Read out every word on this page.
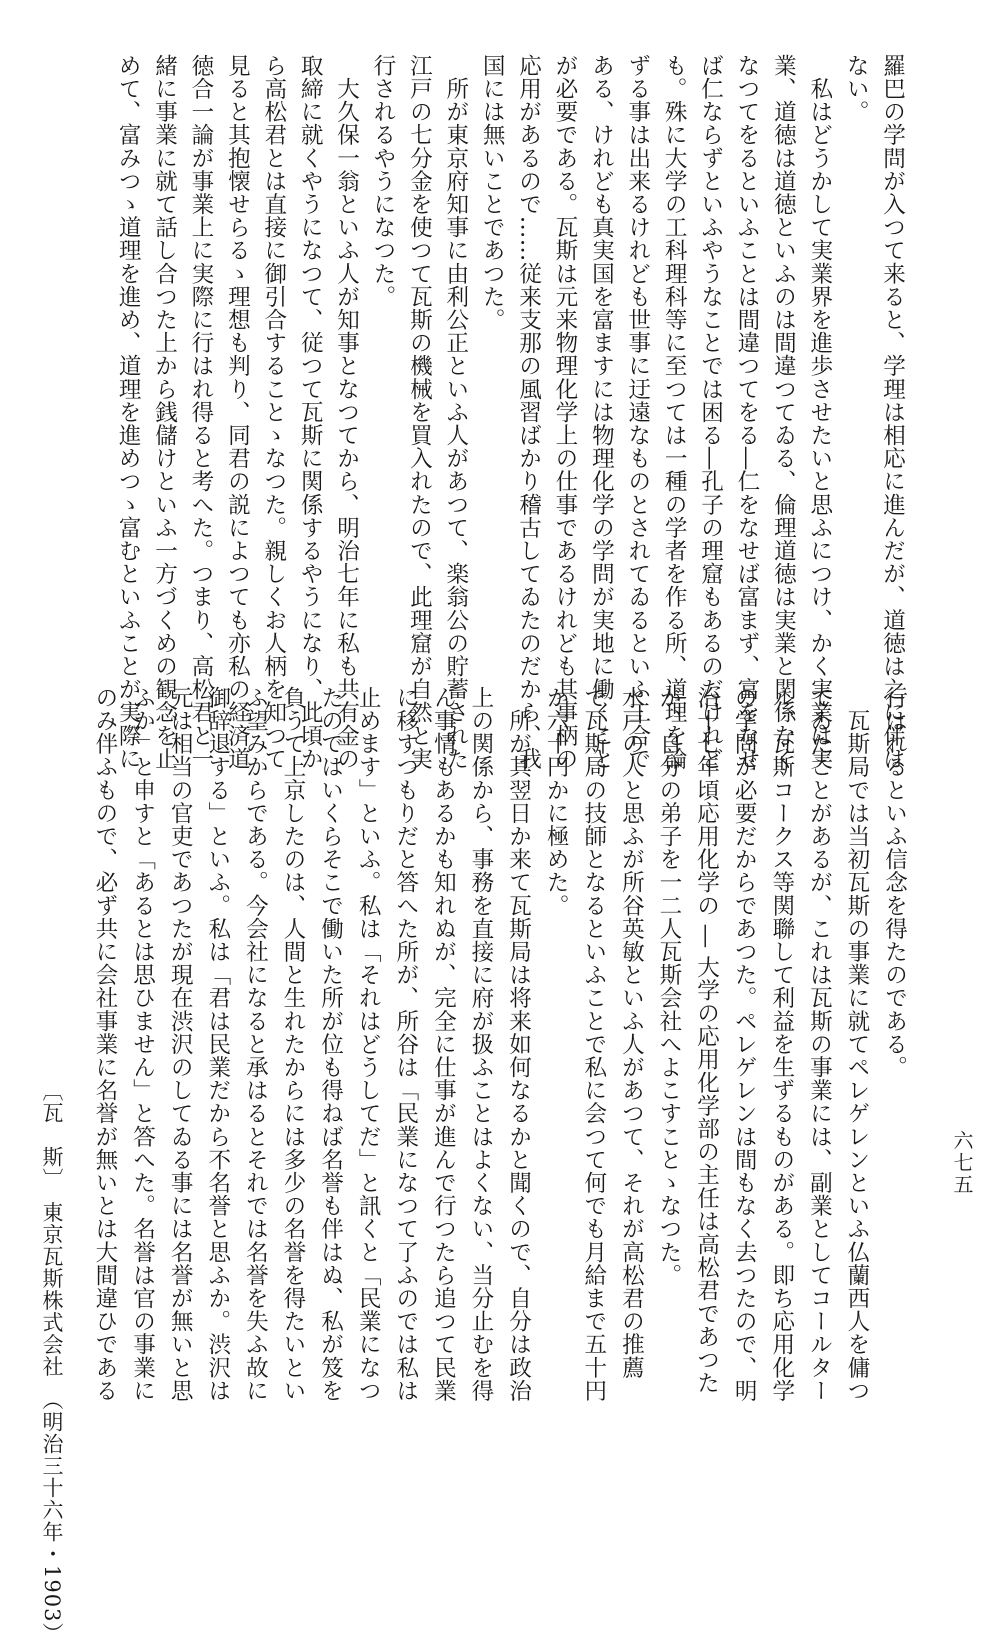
羅巴の学問が入つて来ると、学理は相応に進んだが、道徳は之に伴は
ない。
　私はどうかして実業界を進歩させたいと思ふにつけ、かく実業は実
業、道徳は道徳といふのは間違つてゐる、倫理道徳は実業と関係なく
なつてをるといふことは間違つてをる―仁をなせば富まず、富をなせ
ば仁ならずといふやうなことでは困る―孔子の理窟もあるのだけれど
も。殊に大学の工科理科等に至つては一種の学者を作る所、道理を論
ずる事は出来るけれども世事に迂遠なものとされてゐるといふ工合で
ある、けれども真実国を富ますには物理化学の学問が実地に働くこと
が必要である。瓦斯は元来物理化学上の仕事であるけれども其事柄の
応用があるので……従来支那の風習ばかり稽古してゐたのだから、我
国には無いことであつた。
　所が東京府知事に由利公正といふ人があつて、楽翁公の貯蓄された
江戸の七分金を使つて瓦斯の機械を買入れたので、此理窟が自然と実
行されるやうになつた。
　大久保一翁といふ人が知事となつてから、明治七年に私も共有金の
取締に就くやうになつて、従つて瓦斯に関係するやうになり、此頃か
ら高松君とは直接に御引合することゝなつた。親しくお人柄を知つて
見ると其抱懐せらるゝ理想も判り、同君の説によつても亦私の経済道
徳合一論が事業上に実際に行はれ得ると考へた。つまり、高松君と一
緒に事業に就て話し合つた上から銭儲けといふ一方づくめの観念を止
めて、富みつゝ道理を進め、道理を進めつゝ富むといふことが実際に
行はれるといふ信念を得たのである。
　瓦斯局では当初瓦斯の事業に就てペレゲレンといふ仏蘭西人を傭つ
てゐたことがあるが、これは瓦斯の事業には、副業としてコールター
ル、瓦斯コークス等関聯して利益を生ずるものがある。即ち応用化学
の学問が必要だからであつた。ペレゲレンは間もなく去つたので、明
治十七年頃応用化学の ― 大学の応用化学部の主任は高松君であつた
が、自分の弟子を一二人瓦斯会社へよこすことゝなつた。
水戸の人と思ふが所谷英敏といふ人があつて、それが高松君の推薦
で瓦斯局の技師となるといふことで私に会つて何でも月給まで五十円
か六十円かに極めた。
　所が其翌日か来て瓦斯局は将来如何なるかと聞くので、自分は政治
上の関係から、事務を直接に府が扱ふことはよくない、当分止むを得
ん事情もあるかも知れぬが、完全に仕事が進んで行つたら追つて民業
に移すつもりだと答へた所が、所谷は「民業になつて了ふのでは私は
止めます」といふ。私は「それはどうしてだ」と訊くと「民業になつ
たのではいくらそこで働いた所が位も得ねば名誉も伴はぬ、私が笈を
負うて上京したのは、人間と生れたからには多少の名誉を得たいとい
ふ望みからである。今会社になると承はるとそれでは名誉を失ふ故に
御辞退する」といふ。私は「君は民業だから不名誉と思ふか。渋沢は
元は相当の官吏であつたが現在渋沢のしてゐる事には名誉が無いと思
ふか」と申すと「あるとは思ひません」と答へた。名誉は官の事業に
のみ伴ふもので、必ず共に会社事業に名誉が無いとは大間違ひである
〔瓦　斯〕　東京瓦斯株式会社　（明治三十六年・1903）	六七五
